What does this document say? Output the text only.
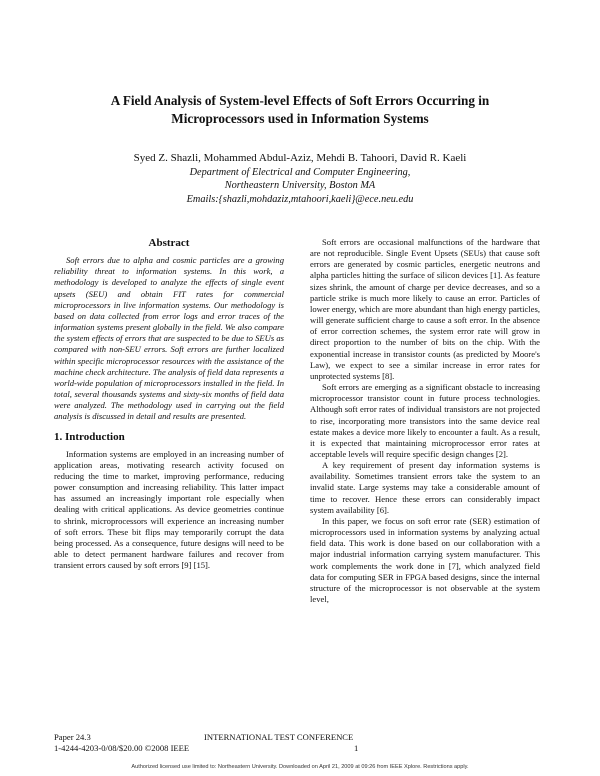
A Field Analysis of System-level Effects of Soft Errors Occurring in
Microprocessors used in Information Systems
Syed Z. Shazli, Mohammed Abdul-Aziz, Mehdi B. Tahoori, David R. Kaeli
Department of Electrical and Computer Engineering,
Northeastern University, Boston MA
Emails:{shazli,mohdaziz,mtahoori,kaeli}@ece.neu.edu
Abstract

Soft errors due to alpha and cosmic particles are a growing reliability threat to information systems. In this work, a methodology is developed to analyze the effects of single event upsets (SEU) and obtain FIT rates for commercial microprocessors in live information systems. Our methodology is based on data collected from error logs and error traces of the information systems present globally in the field. We also compare the system effects of errors that are suspected to be due to SEUs as compared with non-SEU errors. Soft errors are further localized within specific microprocessor resources with the assistance of the machine check architecture. The analysis of field data represents a world-wide population of microprocessors installed in the field. In total, several thousands systems and sixty-six months of field data were analyzed. The methodology used in carrying out the field analysis is discussed in detail and results are presented.

1. Introduction

Information systems are employed in an increasing number of application areas, motivating research activity focused on reducing the time to market, improving performance, reducing power consumption and increasing reliability. This latter impact has assumed an increasingly important role especially when dealing with critical applications. As device geometries continue to shrink, microprocessors will experience an increasing number of soft errors. These bit flips may temporarily corrupt the data being processed. As a consequence, future designs will need to be able to detect permanent hardware failures and recover from transient errors caused by soft errors [9] [15].

Soft errors are occasional malfunctions of the hardware that are not reproducible. Single Event Upsets (SEUs) that cause soft errors are generated by cosmic particles, energetic neutrons and alpha particles hitting the surface of silicon devices [1]. As feature sizes shrink, the amount of charge per device decreases, and so a particle strike is much more likely to cause an error. Particles of lower energy, which are more abundant than high energy particles, will generate sufficient charge to cause a soft error. In the absence of error correction schemes, the system error rate will grow in direct proportion to the number of bits on the chip. With the exponential increase in transistor counts (as predicted by Moore's Law), we expect to see a similar increase in error rates for unprotected systems [8].

Soft errors are emerging as a significant obstacle to increasing microprocessor transistor count in future process technologies. Although soft error rates of individual transistors are not projected to rise, incorporating more transistors into the same device real estate makes a device more likely to encounter a fault. As a result, it is expected that maintaining microprocessor error rates at acceptable levels will require specific design changes [2].

A key requirement of present day information systems is availability. Sometimes transient errors take the system to an invalid state. Large systems may take a considerable amount of time to recover. Hence these errors can considerably impact system availability [6].

In this paper, we focus on soft error rate (SER) estimation of microprocessors used in information systems by analyzing actual field data. This work is done based on our collaboration with a major industrial information carrying system manufacturer. This work complements the work done in [7], which analyzed field data for computing SER in FPGA based designs, since the internal structure of the microprocessor is not observable at the system level,

Paper 24.3	INTERNATIONAL TEST CONFERENCE
1-4244-4203-0/08/$20.00 ©2008 IEEE	1
Authorized licensed use limited to: Northeastern University. Downloaded on April 21, 2009 at 09:26 from IEEE Xplore. Restrictions apply.
